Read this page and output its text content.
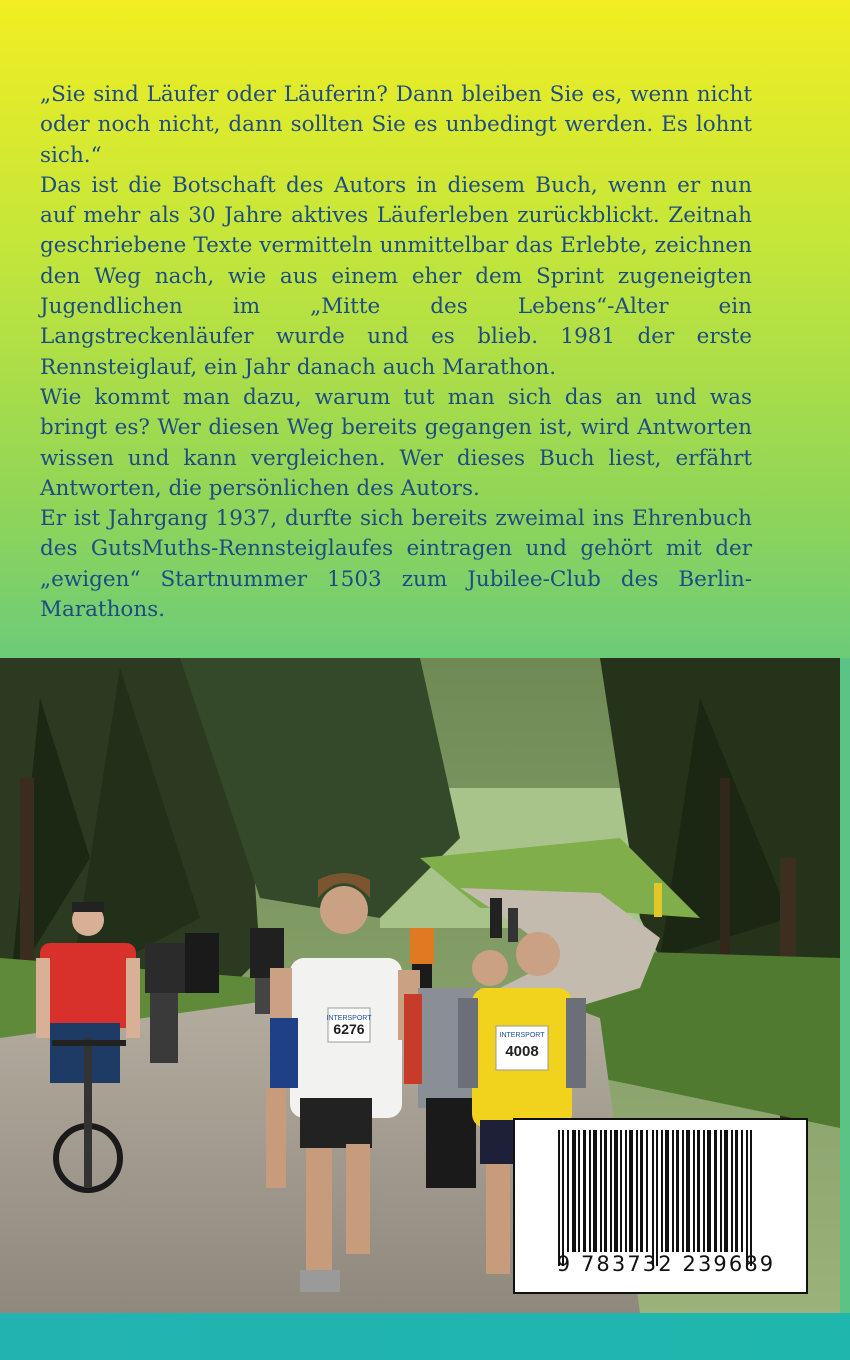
„Sie sind Läufer oder Läuferin? Dann bleiben Sie es, wenn nicht oder noch nicht, dann sollten Sie es unbedingt werden. Es lohnt sich.“

Das ist die Botschaft des Autors in diesem Buch, wenn er nun auf mehr als 30 Jahre aktives Läuferleben zurückblickt. Zeitnah geschriebene Texte vermitteln unmittelbar das Erlebte, zeichnen den Weg nach, wie aus einem eher dem Sprint zugeneigten Jugendlichen im „Mitte des Lebens“-Alter ein Langstreckenläufer wurde und es blieb. 1981 der erste Rennsteiglauf, ein Jahr danach auch Marathon.

Wie kommt man dazu, warum tut man sich das an und was bringt es? Wer diesen Weg bereits gegangen ist, wird Antworten wissen und kann vergleichen. Wer dieses Buch liest, erfährt Antworten, die persönlichen des Autors.

Er ist Jahrgang 1937, durfte sich bereits zweimal ins Ehrenbuch des GutsMuths-Rennsteiglaufes eintragen und gehört mit der „ewigen“ Startnummer 1503 zum Jubilee-Club des Berlin-Marathons.

6276
INTERSPORT
INTERSPORT
4008
9 783732 239689
